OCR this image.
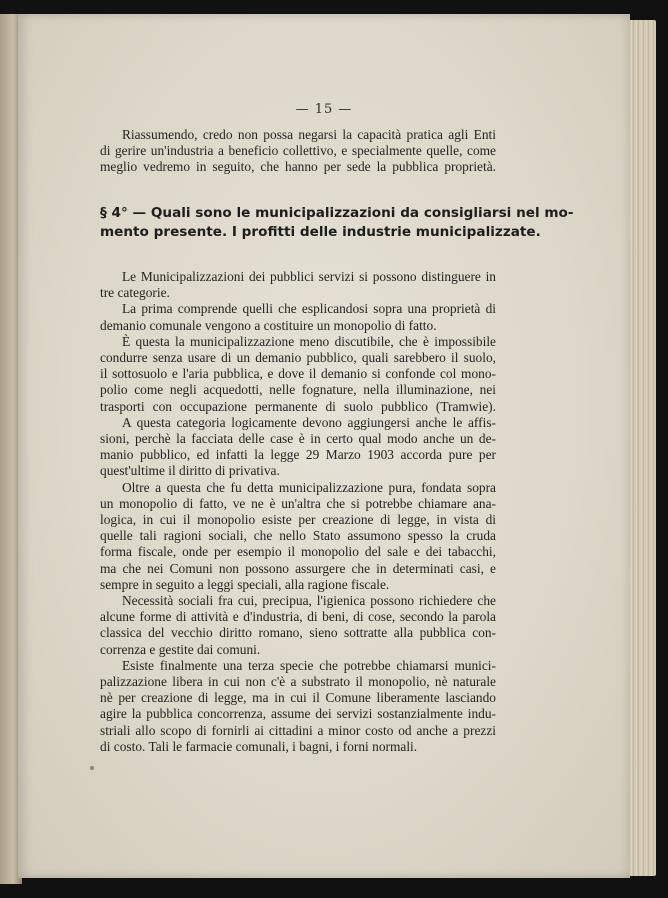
— 15 —
Riassumendo, credo non possa negarsi la capacità pratica agli Enti
di gerire un'industria a beneficio collettivo, e specialmente quelle, come
meglio vedremo in seguito, che hanno per sede la pubblica proprietà.
§ 4° — Quali sono le municipalizzazioni da consigliarsi nel mo-
mento presente. I profitti delle industrie municipalizzate.

Le Municipalizzazioni dei pubblici servizi si possono distinguere in
tre categorie.

La prima comprende quelli che esplicandosi sopra una proprietà di
demanio comunale vengono a costituire un monopolio di fatto.

È questa la municipalizzazione meno discutibile, che è impossibile
condurre senza usare di un demanio pubblico, quali sarebbero il suolo,
il sottosuolo e l'aria pubblica, e dove il demanio si confonde col mono-
polio come negli acquedotti, nelle fognature, nella illuminazione, nei
trasporti con occupazione permanente di suolo pubblico (Tramwie).

A questa categoria logicamente devono aggiungersi anche le affis-
sioni, perchè la facciata delle case è in certo qual modo anche un de-
manio pubblico, ed infatti la legge 29 Marzo 1903 accorda pure per
quest'ultime il diritto di privativa.

Oltre a questa che fu detta municipalizzazione pura, fondata sopra
un monopolio di fatto, ve ne è un'altra che si potrebbe chiamare ana-
logica, in cui il monopolio esiste per creazione di legge, in vista di
quelle tali ragioni sociali, che nello Stato assumono spesso la cruda
forma fiscale, onde per esempio il monopolio del sale e dei tabacchi,
ma che nei Comuni non possono assurgere che in determinati casi, e
sempre in seguito a leggi speciali, alla ragione fiscale.

Necessità sociali fra cui, precipua, l'igienica possono richiedere che
alcune forme di attività e d'industria, di beni, di cose, secondo la parola
classica del vecchio diritto romano, sieno sottratte alla pubblica con-
correnza e gestite dai comuni.

Esiste finalmente una terza specie che potrebbe chiamarsi munici-
palizzazione libera in cui non c'è a substrato il monopolio, nè naturale
nè per creazione di legge, ma in cui il Comune liberamente lasciando
agire la pubblica concorrenza, assume dei servizi sostanzialmente indu-
striali allo scopo di fornirli ai cittadini a minor costo od anche a prezzi
di costo. Tali le farmacie comunali, i bagni, i forni normali.
